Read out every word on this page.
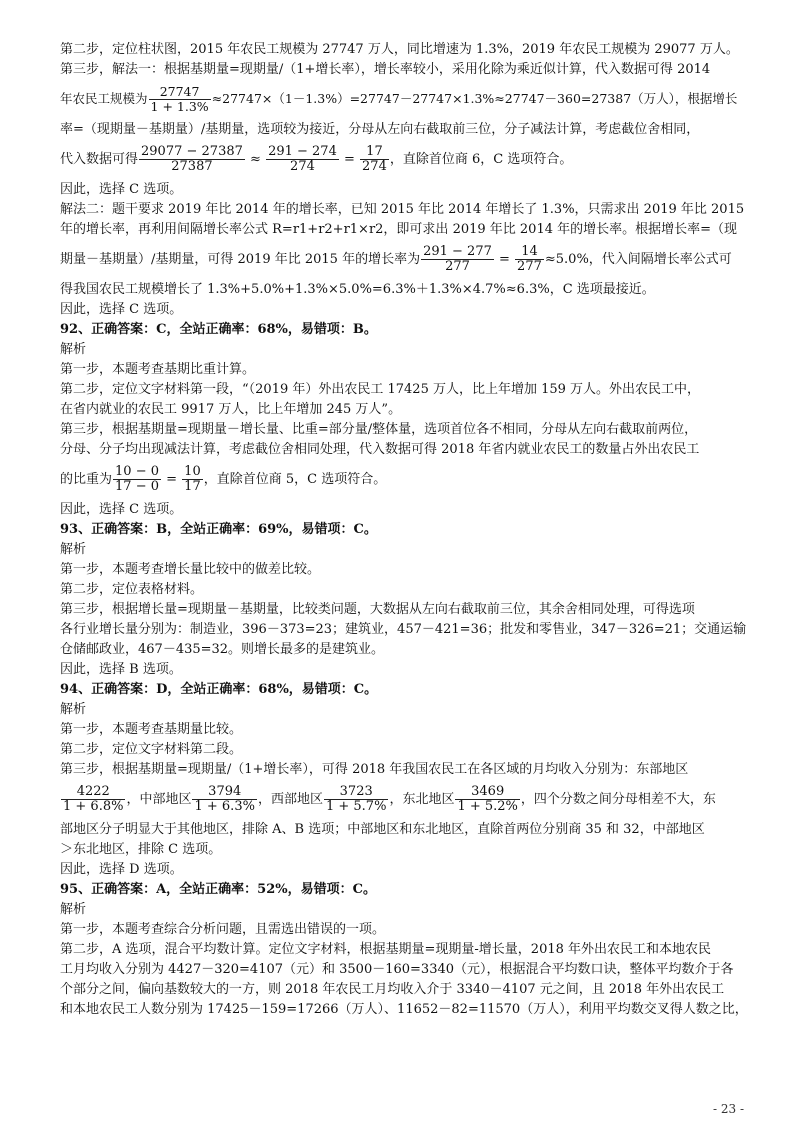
第二步，定位柱状图，2015 年农民工规模为 27747 万人，同比增速为 1.3%，2019 年农民工规模为 29077 万人。
第三步，解法一：根据基期量=现期量/（1+增长率），增长率较小，采用化除为乘近似计算，代入数据可得 2014
年农民工规模为 $\frac{27747}{1 + 1.3\%} \approx 27747\times(1-1.3\%)=27747-27747\times 1.3\%\approx 27747-360=27387$（万人），根据增长
率=（现期量－基期量）/基期量，选项较为接近，分母从左向右截取前三位，分子减法计算，考虑截位舍相同，
代入数据可得 $\frac{29077 - 27387}{27387} \approx \frac{291 - 274}{274} = \frac{17}{274}$ ，直除首位商 6，C 选项符合。
因此，选择 C 选项。
解法二：题干要求 2019 年比 2014 年的增长率，已知 2015 年比 2014 年增长了 1.3%，只需求出 2019 年比 2015
年的增长率，再利用间隔增长率公式 R=r1+r2+r1×r2，即可求出 2019 年比 2014 年的增长率。根据增长率=（现
期量－基期量）/基期量，可得 2019 年比 2015 年的增长率为 $\frac{291 - 277}{277} = \frac{14}{277} \approx 5.0\%$，代入间隔增长率公式可
得我国农民工规模增长了 1.3%+5.0%+1.3%×5.0%=6.3%＋1.3%×4.7%≈6.3%，C 选项最接近。
因此，选择 C 选项。
92、正确答案：C，全站正确率：68%，易错项：B。
解析
第一步，本题考查基期比重计算。
第二步，定位文字材料第一段，“（2019 年）外出农民工 17425 万人，比上年增加 159 万人。外出农民工中，
在省内就业的农民工 9917 万人，比上年增加 245 万人”。
第三步，根据基期量=现期量－增长量、比重=部分量/整体量，选项首位各不相同，分母从左向右截取前两位，
分母、分子均出现减法计算，考虑截位舍相同处理，代入数据可得 2018 年省内就业农民工的数量占外出农民工
的比重为 $\frac{10 - 0}{17 - 0} = \frac{10}{17}$ ，直除首位商 5，C 选项符合。
因此，选择 C 选项。
93、正确答案：B，全站正确率：69%，易错项：C。
解析
第一步，本题考查增长量比较中的做差比较。
第二步，定位表格材料。
第三步，根据增长量=现期量－基期量，比较类问题，大数据从左向右截取前三位，其余舍相同处理，可得选项
各行业增长量分别为：制造业，396－373=23；建筑业，457－421=36；批发和零售业，347－326=21；交通运输
仓储邮政业，467－435=32。则增长最多的是建筑业。
因此，选择 B 选项。
94、正确答案：D，全站正确率：68%，易错项：C。
解析
第一步，本题考查基期量比较。
第二步，定位文字材料第二段。
第三步，根据基期量=现期量/（1+增长率），可得 2018 年我国农民工在各区域的月均收入分别为：东部地区
$\frac{4222}{1 + 6.8\%}$ ，中部地区 $\frac{3794}{1 + 6.3\%}$ ，西部地区 $\frac{3723}{1 + 5.7\%}$ ，东北地区 $\frac{3469}{1 + 5.2\%}$ ，四个分数之间分母相差不大，东
部地区分子明显大于其他地区，排除 A、B 选项；中部地区和东北地区，直除首两位分别商 35 和 32，中部地区
＞东北地区，排除 C 选项。
因此，选择 D 选项。
95、正确答案：A，全站正确率：52%，易错项：C。
解析
第一步，本题考查综合分析问题，且需选出错误的一项。
第二步，A 选项，混合平均数计算。定位文字材料，根据基期量=现期量-增长量，2018 年外出农民工和本地农民
工月均收入分别为 4427－320=4107（元）和 3500－160=3340（元），根据混合平均数口诀，整体平均数介于各
个部分之间，偏向基数较大的一方，则 2018 年农民工月均收入介于 3340－4107 元之间，且 2018 年外出农民工
和本地农民工人数分别为 17425－159=17266（万人）、11652－82=11570（万人），利用平均数交叉得人数之比，
- 23 -
